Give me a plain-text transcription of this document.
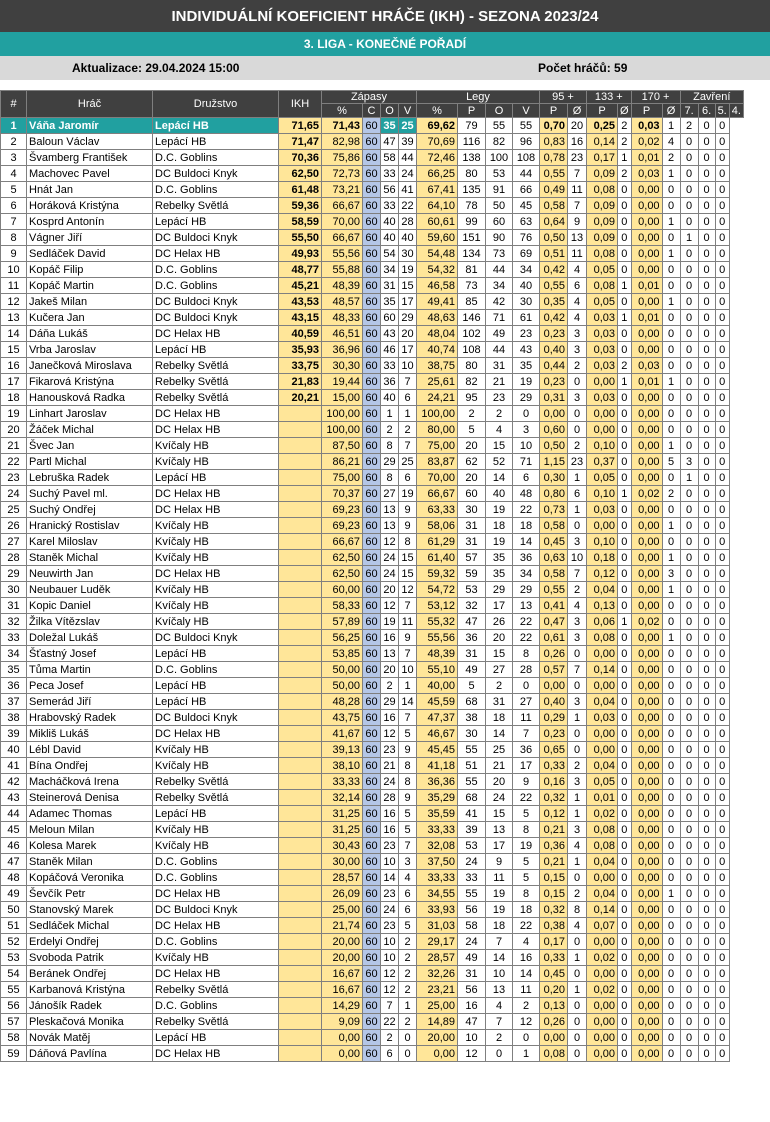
INDIVIDUÁLNÍ KOEFICIENT HRÁČE (IKH) - SEZONA 2023/24
3. LIGA - KONEČNÉ POŘADÍ
Aktualizace: 29.04.2024 15:00	Počet hráčů: 59
#	Hráč	Družstvo	IKH	Zápasy				Legy				95 +		133 +		170 +		Zavření			
				%	C	O	V	%	P	O	V	P	Ø	P	Ø	P	Ø	7.	6.	5.	4.
1	Váňa Jaromír	Lepácí HB	71,65	71,43	60	35	25	69,62	79	55	55	0,70	20	0,25	2	0,03	1	2	0	0	
2	Baloun Václav	Lepácí HB	71,47	82,98	60	47	39	70,69	116	82	96	0,83	16	0,14	2	0,02	4	0	0	0	
3	Švamberg František	D.C. Goblins	70,36	75,86	60	58	44	72,46	138	100	108	0,78	23	0,17	1	0,01	2	0	0	0	
4	Machovec Pavel	DC Buldoci Knyk	62,50	72,73	60	33	24	66,25	80	53	44	0,55	7	0,09	2	0,03	1	0	0	0	
5	Hnát Jan	D.C. Goblins	61,48	73,21	60	56	41	67,41	135	91	66	0,49	11	0,08	0	0,00	0	0	0	0	
6	Horáková Kristýna	Rebelky Světlá	59,36	66,67	60	33	22	64,10	78	50	45	0,58	7	0,09	0	0,00	0	0	0	0	
7	Kosprd Antonín	Lepácí HB	58,59	70,00	60	40	28	60,61	99	60	63	0,64	9	0,09	0	0,00	1	0	0	0	
8	Vágner Jiří	DC Buldoci Knyk	55,50	66,67	60	40	40	59,60	151	90	76	0,50	13	0,09	0	0,00	0	1	0	0	
9	Sedláček David	DC Helax HB	49,93	55,56	60	54	30	54,48	134	73	69	0,51	11	0,08	0	0,00	1	0	0	0	
10	Kopáč Filip	D.C. Goblins	48,77	55,88	60	34	19	54,32	81	44	34	0,42	4	0,05	0	0,00	0	0	0	0	
11	Kopáč Martin	D.C. Goblins	45,21	48,39	60	31	15	46,58	73	34	40	0,55	6	0,08	1	0,01	0	0	0	0	
12	Jakeš Milan	DC Buldoci Knyk	43,53	48,57	60	35	17	49,41	85	42	30	0,35	4	0,05	0	0,00	1	0	0	0	
13	Kučera Jan	DC Buldoci Knyk	43,15	48,33	60	60	29	48,63	146	71	61	0,42	4	0,03	1	0,01	0	0	0	0	
14	Dáňa Lukáš	DC Helax HB	40,59	46,51	60	43	20	48,04	102	49	23	0,23	3	0,03	0	0,00	0	0	0	0	
15	Vrba Jaroslav	Lepácí HB	35,93	36,96	60	46	17	40,74	108	44	43	0,40	3	0,03	0	0,00	0	0	0	0	
16	Janečková Miroslava	Rebelky Světlá	33,75	30,30	60	33	10	38,75	80	31	35	0,44	2	0,03	2	0,03	0	0	0	0	
17	Fikarová Kristýna	Rebelky Světlá	21,83	19,44	60	36	7	25,61	82	21	19	0,23	0	0,00	1	0,01	1	0	0	0	
18	Hanousková Radka	Rebelky Světlá	20,21	15,00	60	40	6	24,21	95	23	29	0,31	3	0,03	0	0,00	0	0	0	0	
19	Linhart Jaroslav	DC Helax HB		100,00	60	1	1	100,00	2	2	0	0,00	0	0,00	0	0,00	0	0	0	0	
20	Žáček Michal	DC Helax HB		100,00	60	2	2	80,00	5	4	3	0,60	0	0,00	0	0,00	0	0	0	0	
21	Švec Jan	Kvíčaly HB		87,50	60	8	7	75,00	20	15	10	0,50	2	0,10	0	0,00	1	0	0	0	
22	Partl Michal	Kvíčaly HB		86,21	60	29	25	83,87	62	52	71	1,15	23	0,37	0	0,00	5	3	0	0	
23	Lebruška Radek	Lepácí HB		75,00	60	8	6	70,00	20	14	6	0,30	1	0,05	0	0,00	0	1	0	0	
24	Suchý Pavel ml.	DC Helax HB		70,37	60	27	19	66,67	60	40	48	0,80	6	0,10	1	0,02	2	0	0	0	
25	Suchý Ondřej	DC Helax HB		69,23	60	13	9	63,33	30	19	22	0,73	1	0,03	0	0,00	0	0	0	0	
26	Hranický Rostislav	Kvíčaly HB		69,23	60	13	9	58,06	31	18	18	0,58	0	0,00	0	0,00	1	0	0	0	
27	Karel Miloslav	Kvíčaly HB		66,67	60	12	8	61,29	31	19	14	0,45	3	0,10	0	0,00	0	0	0	0	
28	Staněk Michal	Kvíčaly HB		62,50	60	24	15	61,40	57	35	36	0,63	10	0,18	0	0,00	1	0	0	0	
29	Neuwirth Jan	DC Helax HB		62,50	60	24	15	59,32	59	35	34	0,58	7	0,12	0	0,00	3	0	0	0	
30	Neubauer Luděk	Kvíčaly HB		60,00	60	20	12	54,72	53	29	29	0,55	2	0,04	0	0,00	1	0	0	0	
31	Kopic Daniel	Kvíčaly HB		58,33	60	12	7	53,12	32	17	13	0,41	4	0,13	0	0,00	0	0	0	0	
32	Žilka Vítězslav	Kvíčaly HB		57,89	60	19	11	55,32	47	26	22	0,47	3	0,06	1	0,02	0	0	0	0	
33	Doležal Lukáš	DC Buldoci Knyk		56,25	60	16	9	55,56	36	20	22	0,61	3	0,08	0	0,00	1	0	0	0	
34	Šťastný Josef	Lepácí HB		53,85	60	13	7	48,39	31	15	8	0,26	0	0,00	0	0,00	0	0	0	0	
35	Tůma Martin	D.C. Goblins		50,00	60	20	10	55,10	49	27	28	0,57	7	0,14	0	0,00	0	0	0	0	
36	Peca Josef	Lepácí HB		50,00	60	2	1	40,00	5	2	0	0,00	0	0,00	0	0,00	0	0	0	0	
37	Semerád Jiří	Lepácí HB		48,28	60	29	14	45,59	68	31	27	0,40	3	0,04	0	0,00	0	0	0	0	
38	Hrabovský Radek	DC Buldoci Knyk		43,75	60	16	7	47,37	38	18	11	0,29	1	0,03	0	0,00	0	0	0	0	
39	Mikliš Lukáš	DC Helax HB		41,67	60	12	5	46,67	30	14	7	0,23	0	0,00	0	0,00	0	0	0	0	
40	Lébl David	Kvíčaly HB		39,13	60	23	9	45,45	55	25	36	0,65	0	0,00	0	0,00	0	0	0	0	
41	Bína Ondřej	Kvíčaly HB		38,10	60	21	8	41,18	51	21	17	0,33	2	0,04	0	0,00	0	0	0	0	
42	Macháčková Irena	Rebelky Světlá		33,33	60	24	8	36,36	55	20	9	0,16	3	0,05	0	0,00	0	0	0	0	
43	Steinerová Denisa	Rebelky Světlá		32,14	60	28	9	35,29	68	24	22	0,32	1	0,01	0	0,00	0	0	0	0	
44	Adamec Thomas	Lepácí HB		31,25	60	16	5	35,59	41	15	5	0,12	1	0,02	0	0,00	0	0	0	0	
45	Meloun Milan	Kvíčaly HB		31,25	60	16	5	33,33	39	13	8	0,21	3	0,08	0	0,00	0	0	0	0	
46	Kolesa Marek	Kvíčaly HB		30,43	60	23	7	32,08	53	17	19	0,36	4	0,08	0	0,00	0	0	0	0	
47	Staněk Milan	D.C. Goblins		30,00	60	10	3	37,50	24	9	5	0,21	1	0,04	0	0,00	0	0	0	0	
48	Kopáčová Veronika	D.C. Goblins		28,57	60	14	4	33,33	33	11	5	0,15	0	0,00	0	0,00	0	0	0	0	
49	Ševčík Petr	DC Helax HB		26,09	60	23	6	34,55	55	19	8	0,15	2	0,04	0	0,00	1	0	0	0	
50	Stanovský Marek	DC Buldoci Knyk		25,00	60	24	6	33,93	56	19	18	0,32	8	0,14	0	0,00	0	0	0	0	
51	Sedláček Michal	DC Helax HB		21,74	60	23	5	31,03	58	18	22	0,38	4	0,07	0	0,00	0	0	0	0	
52	Erdelyi Ondřej	D.C. Goblins		20,00	60	10	2	29,17	24	7	4	0,17	0	0,00	0	0,00	0	0	0	0	
53	Svoboda Patrik	Kvíčaly HB		20,00	60	10	2	28,57	49	14	16	0,33	1	0,02	0	0,00	0	0	0	0	
54	Beránek Ondřej	DC Helax HB		16,67	60	12	2	32,26	31	10	14	0,45	0	0,00	0	0,00	0	0	0	0	
55	Karbanová Kristýna	Rebelky Světlá		16,67	60	12	2	23,21	56	13	11	0,20	1	0,02	0	0,00	0	0	0	0	
56	Jánošík Radek	D.C. Goblins		14,29	60	7	1	25,00	16	4	2	0,13	0	0,00	0	0,00	0	0	0	0	
57	Pleskačová Monika	Rebelky Světlá		9,09	60	22	2	14,89	47	7	12	0,26	0	0,00	0	0,00	0	0	0	0	
58	Novák Matěj	Lepácí HB		0,00	60	2	0	20,00	10	2	0	0,00	0	0,00	0	0,00	0	0	0	0	
59	Dáňová Pavlína	DC Helax HB		0,00	60	6	0	0,00	12	0	1	0,08	0	0,00	0	0,00	0	0	0	0	
